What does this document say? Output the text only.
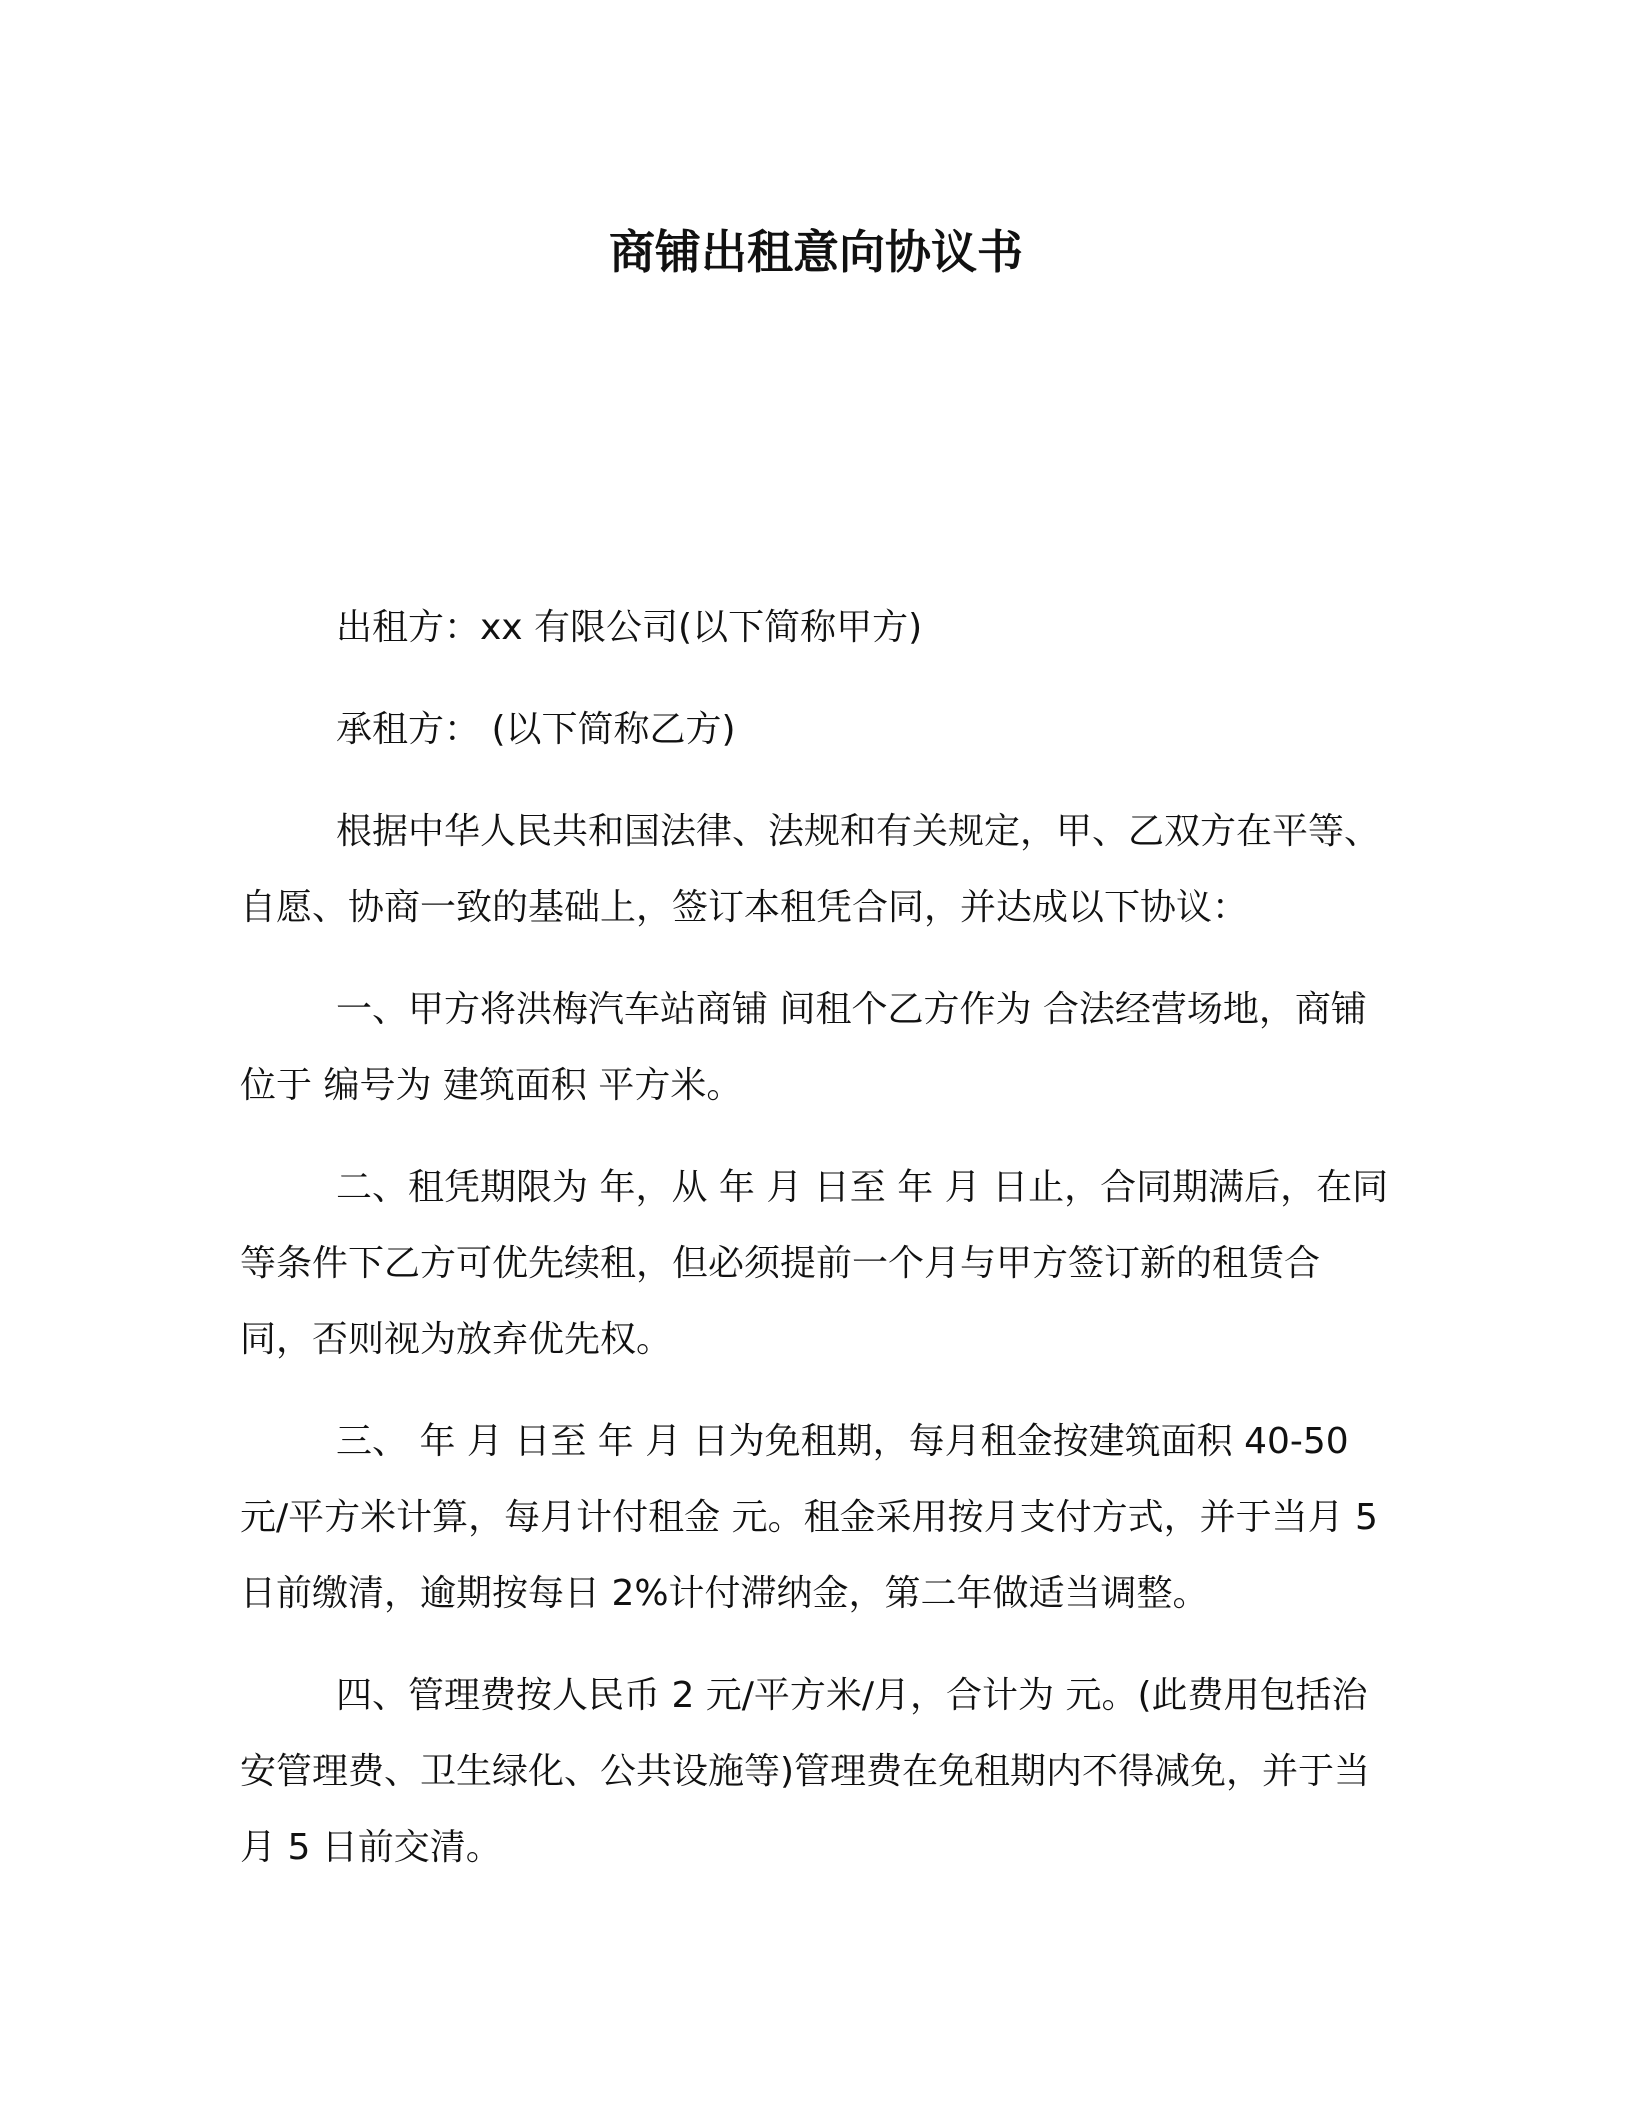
商铺出租意向协议书

出租方：xx 有限公司(以下简称甲方)

承租方： (以下简称乙方)

根据中华人民共和国法律、法规和有关规定，甲、乙双方在平等、自愿、协商一致的基础上，签订本租凭合同，并达成以下协议：

一、甲方将洪梅汽车站商铺 间租个乙方作为 合法经营场地，商铺位于 编号为 建筑面积 平方米。

二、租凭期限为 年，从 年 月 日至 年 月 日止，合同期满后，在同等条件下乙方可优先续租，但必须提前一个月与甲方签订新的租赁合同，否则视为放弃优先权。

三、 年 月 日至 年 月 日为免租期，每月租金按建筑面积 40-50 元/平方米计算，每月计付租金 元。租金采用按月支付方式，并于当月 5 日前缴清，逾期按每日 2%计付滞纳金，第二年做适当调整。

四、管理费按人民币 2 元/平方米/月，合计为 元。(此费用包括治安管理费、卫生绿化、公共设施等)管理费在免租期内不得减免，并于当月 5 日前交清。
